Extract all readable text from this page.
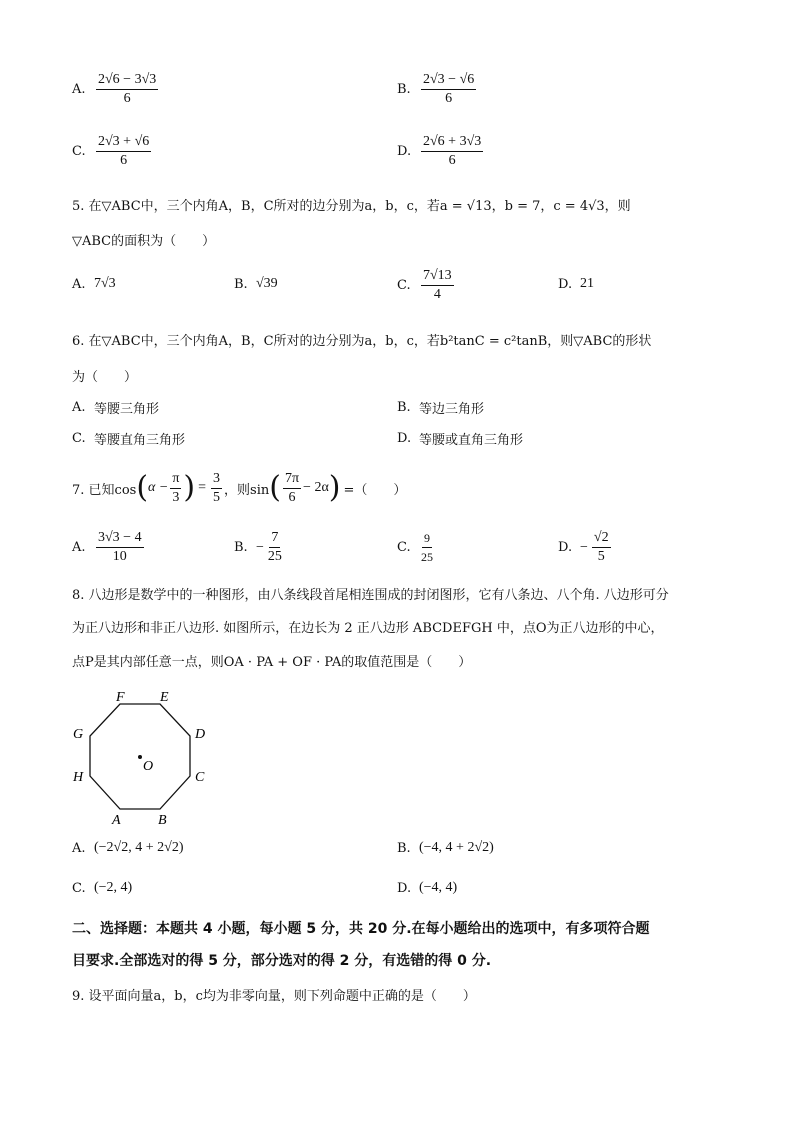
A. $\frac{2√6 - 3√3}{6}$	B. $\frac{2√3 - √6}{6}$
C. $\frac{2√3 + √6}{6}$	D. $\frac{2√6 + 3√3}{6}$
5. 在▽ABC中，三个内角A，B，C所对的边分别为a，b，c，若a = √13，b = 7，c = 4√3，则
▽ABC的面积为（　　）
A. 7√3	B. √39	C. $\frac{7√13}{4}$	D. 21
6. 在▽ABC中，三个内角A，B，C所对的边分别为a，b，c，若b²tanC = c²tanB，则▽ABC的形状
为（　　）
A. 等腰三角形	B. 等边三角形
C. 等腰直角三角形	D. 等腰或直角三角形
7. 已知cos ( $\alpha - \frac{\pi}{3}$ ) = $\frac{3}{5}$ ，则sin ( $\frac{7\pi}{6} - 2\alpha$ ) =（　　）
A. $\frac{3√3 - 4}{10}$	B. − $\frac{7}{25}$	C. $\frac{9}{25}$	D. − $\frac{√2}{5}$
8. 八边形是数学中的一种图形，由八条线段首尾相连围成的封闭图形，它有八条边、八个角. 八边形可分
为正八边形和非正八边形. 如图所示，在边长为 2 正八边形 ABCDEFGH 中，点O为正八边形的中心，
点P是其内部任意一点，则OA · PA + OF · PA的取值范围是（　　）
A	B
C
D
E
F
G
H
O
A. (−2√2, 4 + 2√2)	B. (−4, 4 + 2√2)
C. (−2, 4)	D. (−4, 4)
二、选择题：本题共 4 小题，每小题 5 分，共 20 分.在每小题给出的选项中，有多项符合题
目要求.全部选对的得 5 分，部分选对的得 2 分，有选错的得 0 分.
9. 设平面向量a，b，c均为非零向量，则下列命题中正确的是（　　）
